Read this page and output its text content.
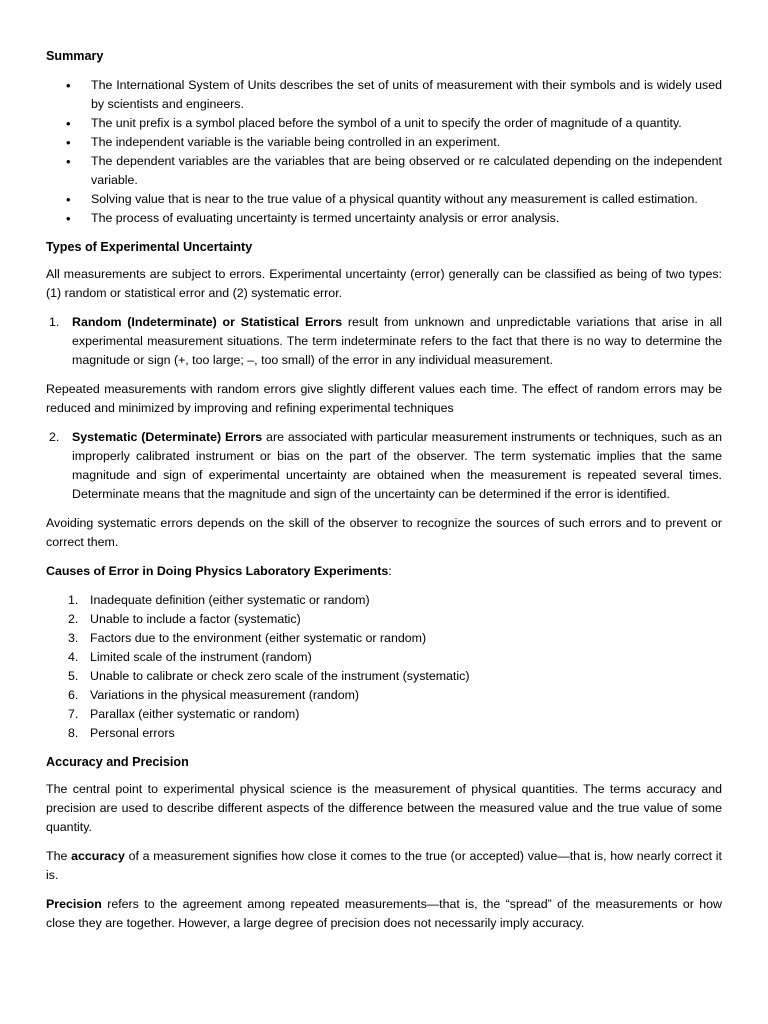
Summary
• The International System of Units describes the set of units of measurement with their symbols and is widely used by scientists and engineers.
• The unit prefix is a symbol placed before the symbol of a unit to specify the order of magnitude of a quantity.
• The independent variable is the variable being controlled in an experiment.
• The dependent variables are the variables that are being observed or re calculated depending on the independent variable.
• Solving value that is near to the true value of a physical quantity without any measurement is called estimation.
• The process of evaluating uncertainty is termed uncertainty analysis or error analysis.
Types of Experimental Uncertainty

All measurements are subject to errors. Experimental uncertainty (error) generally can be classified as being of two types: (1) random or statistical error and (2) systematic error.

1. Random (Indeterminate) or Statistical Errors result from unknown and unpredictable variations that arise in all experimental measurement situations. The term indeterminate refers to the fact that there is no way to determine the magnitude or sign (+, too large; –, too small) of the error in any individual measurement.

Repeated measurements with random errors give slightly different values each time. The effect of random errors may be reduced and minimized by improving and refining experimental techniques

2. Systematic (Determinate) Errors are associated with particular measurement instruments or techniques, such as an improperly calibrated instrument or bias on the part of the observer. The term systematic implies that the same magnitude and sign of experimental uncertainty are obtained when the measurement is repeated several times. Determinate means that the magnitude and sign of the uncertainty can be determined if the error is identified.

Avoiding systematic errors depends on the skill of the observer to recognize the sources of such errors and to prevent or correct them.

Causes of Error in Doing Physics Laboratory Experiments:

1. Inadequate definition (either systematic or random)
2. Unable to include a factor (systematic)
3. Factors due to the environment (either systematic or random)
4. Limited scale of the instrument (random)
5. Unable to calibrate or check zero scale of the instrument (systematic)
6. Variations in the physical measurement (random)
7. Parallax (either systematic or random)
8. Personal errors
Accuracy and Precision

The central point to experimental physical science is the measurement of physical quantities. The terms accuracy and precision are used to describe different aspects of the difference between the measured value and the true value of some quantity.

The accuracy of a measurement signifies how close it comes to the true (or accepted) value—that is, how nearly correct it is.

Precision refers to the agreement among repeated measurements—that is, the “spread” of the measurements or how close they are together. However, a large degree of precision does not necessarily imply accuracy.
